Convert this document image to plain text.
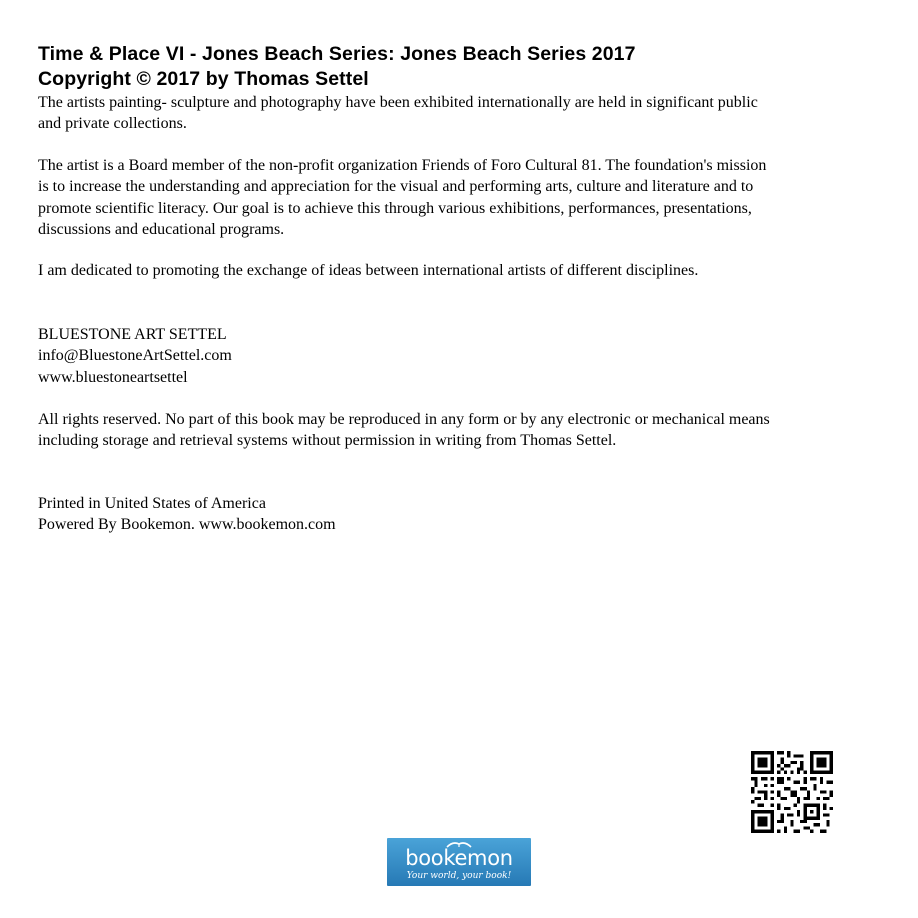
Time & Place VI - Jones Beach Series: Jones Beach Series 2017
Copyright © 2017 by Thomas Settel
The artists painting- sculpture and photography have been exhibited internationally are held in significant public
and private collections.
The artist is a Board member of the non-profit organization Friends of Foro Cultural 81. The foundation's mission
is to increase the understanding and appreciation for the visual and performing arts, culture and literature and to
promote scientific literacy. Our goal is to achieve this through various exhibitions, performances, presentations,
discussions and educational programs.
I am dedicated to promoting the exchange of ideas between international artists of different disciplines.
BLUESTONE ART SETTEL
info@BluestoneArtSettel.com
www.bluestoneartsettel
All rights reserved. No part of this book may be reproduced in any form or by any electronic or mechanical means
including storage and retrieval systems without permission in writing from Thomas Settel.
Printed in United States of America
Powered By Bookemon. www.bookemon.com
bookemon
Your world, your book!
